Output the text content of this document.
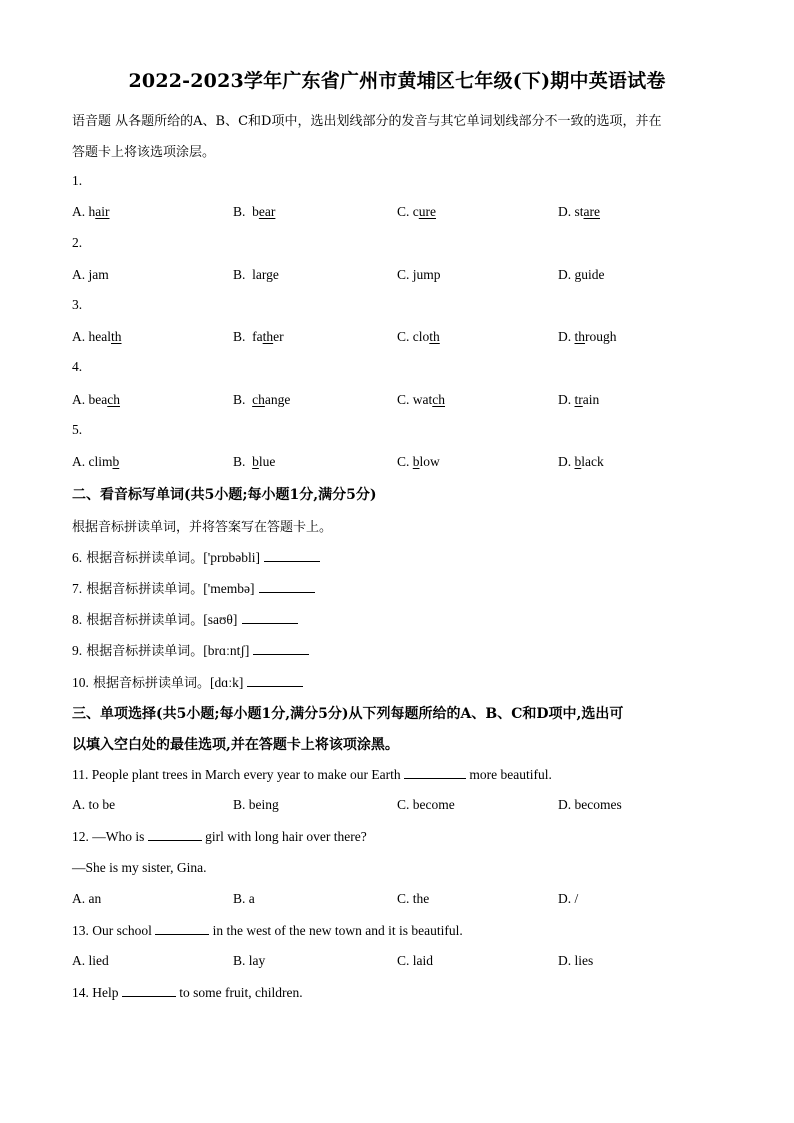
2022-2023学年广东省广州市黄埔区七年级(下)期中英语试卷
语音题 从各题所给的A、B、C和D项中，选出划线部分的发音与其它单词划线部分不一致的选项，并在
答题卡上将该选项涂层。
1.
A. hair	B. bear	C. cure	D. stare
2.
A. jam	B. large	C. jump	D. guide
3.
A. health	B. father	C. cloth	D. through
4.
A. beach	B. change	C. watch	D. train
5.
A. climb	B. blue	C. blow	D. black
二、看音标写单词(共5小题;每小题1分,满分5分)
根据音标拼读单词，并将答案写在答题卡上。
6. 根据音标拼读单词。['prɒbəbli]
7. 根据音标拼读单词。['membə]
8. 根据音标拼读单词。[saʊθ]
9. 根据音标拼读单词。[brɑːntʃ]
10. 根据音标拼读单词。[dɑːk]
三、单项选择(共5小题;每小题1分,满分5分)从下列每题所给的A、B、C和D项中,选出可
以填入空白处的最佳选项,并在答题卡上将该项涂黑。
11. People plant trees in March every year to make our Earth	more beautiful.
A. to be	B. being	C. become	D. becomes
12. —Who is	girl with long hair over there?
—She is my sister, Gina.
A. an	B. a	C. the	D. /
13. Our school	in the west of the new town and it is beautiful.
A. lied	B. lay	C. laid	D. lies
14. Help	to some fruit, children.
